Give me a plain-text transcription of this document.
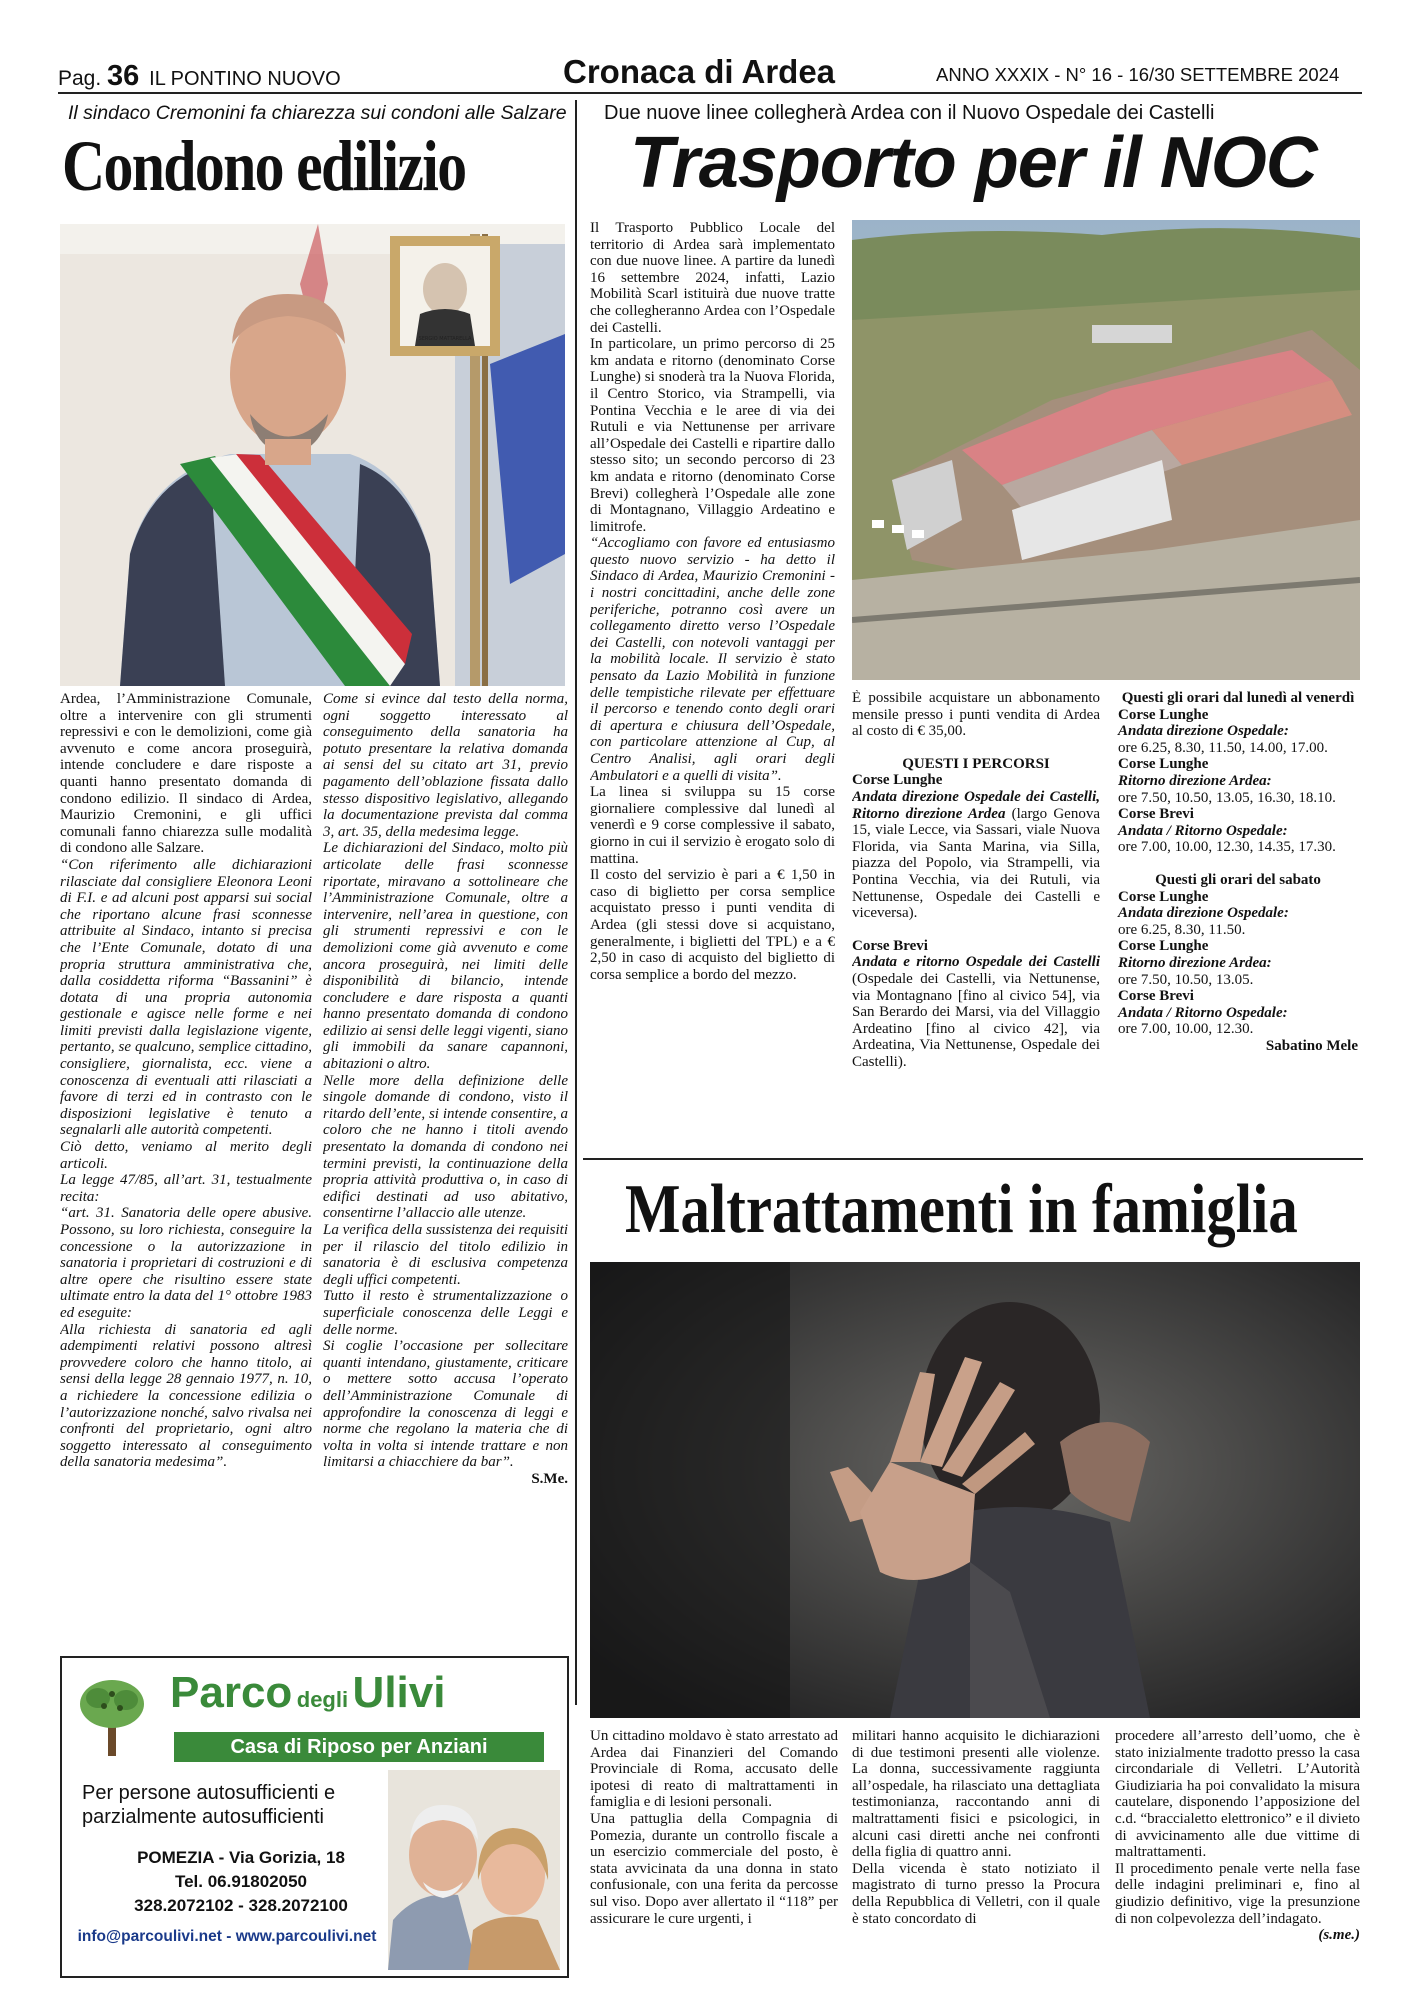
Pag. 36 IL PONTINO NUOVO	Cronaca di Ardea	ANNO XXXIX - N° 16 - 16/30 SETTEMBRE 2024
Il sindaco Cremonini fa chiarezza sui condoni alle Salzare
Condono edilizio
SERGIO MATTARELLA

Ardea, l’Amministrazione Comunale, oltre a intervenire con gli strumenti repressivi e con le demolizioni, come già avvenuto e come ancora proseguirà, intende concludere e dare risposte a quanti hanno presentato domanda di condono edilizio. Il sindaco di Ardea, Maurizio Cremonini, e gli uffici comunali fanno chiarezza sulle modalità di condono alle Salzare.

“Con riferimento alle dichiarazioni rilasciate dal consigliere Eleonora Leoni di F.I. e ad alcuni post apparsi sui social che riportano alcune frasi sconnesse attribuite al Sindaco, intanto si precisa che l’Ente Comunale, dotato di una propria struttura amministrativa che, dalla cosiddetta riforma “Bassanini” è dotata di una propria autonomia gestionale e agisce nelle forme e nei limiti previsti dalla legislazione vigente, pertanto, se qualcuno, semplice cittadino, consigliere, giornalista, ecc. viene a conoscenza di eventuali atti rilasciati a favore di terzi ed in contrasto con le disposizioni legislative è tenuto a segnalarli alle autorità competenti.

Ciò detto, veniamo al merito degli articoli.

La legge 47/85, all’art. 31, testualmente recita:

“art. 31. Sanatoria delle opere abusive. Possono, su loro richiesta, conseguire la concessione o la autorizzazione in sanatoria i proprietari di costruzioni e di altre opere che risultino essere state ultimate entro la data del 1° ottobre 1983 ed eseguite:

Alla richiesta di sanatoria ed agli adempimenti relativi possono altresì provvedere coloro che hanno titolo, ai sensi della legge 28 gennaio 1977, n. 10, a richiedere la concessione edilizia o l’autorizzazione nonché, salvo rivalsa nei confronti del proprietario, ogni altro soggetto interessato al conseguimento della sanatoria medesima”.

Come si evince dal testo della norma, ogni soggetto interessato al conseguimento della sanatoria ha potuto presentare la relativa domanda ai sensi del su citato art 31, previo pagamento dell’oblazione fissata dallo stesso dispositivo legislativo, allegando la documentazione prevista dal comma 3, art. 35, della medesima legge.

Le dichiarazioni del Sindaco, molto più articolate delle frasi sconnesse riportate, miravano a sottolineare che l’Amministrazione Comunale, oltre a intervenire, nell’area in questione, con gli strumenti repressivi e con le demolizioni come già avvenuto e come ancora proseguirà, nei limiti delle disponibilità di bilancio, intende concludere e dare risposta a quanti hanno presentato domanda di condono edilizio ai sensi delle leggi vigenti, siano gli immobili da sanare capannoni, abitazioni o altro.

Nelle more della definizione delle singole domande di condono, visto il ritardo dell’ente, si intende consentire, a coloro che ne hanno i titoli avendo presentato la domanda di condono nei termini previsti, la continuazione della propria attività produttiva o, in caso di edifici destinati ad uso abitativo, consentirne l’allaccio alle utenze.

La verifica della sussistenza dei requisiti per il rilascio del titolo edilizio in sanatoria è di esclusiva competenza degli uffici competenti.

Tutto il resto è strumentalizzazione o superficiale conoscenza delle Leggi e delle norme.

Si coglie l’occasione per sollecitare quanti intendano, giustamente, criticare o mettere sotto accusa l’operato dell’Amministrazione Comunale di approfondire la conoscenza di leggi e norme che regolano la materia che di volta in volta si intende trattare e non limitarsi a chiacchiere da bar”.

S.Me.

Parco degli Ulivi
Casa di Riposo per Anziani
Per persone autosufficienti e
parzialmente autosufficienti
POMEZIA - Via Gorizia, 18
Tel. 06.91802050
328.2072102 - 328.2072100
info@parcoulivi.net - www.parcoulivi.net
Due nuove linee collegherà Ardea con il Nuovo Ospedale dei Castelli
Trasporto per il NOC

Il Trasporto Pubblico Locale del territorio di Ardea sarà implementato con due nuove linee. A partire da lunedì 16 settembre 2024, infatti, Lazio Mobilità Scarl istituirà due nuove tratte che collegheranno Ardea con l’Ospedale dei Castelli.

In particolare, un primo percorso di 25 km andata e ritorno (denominato Corse Lunghe) si snoderà tra la Nuova Florida, il Centro Storico, via Strampelli, via Pontina Vecchia e le aree di via dei Rutuli e via Nettunense per arrivare all’Ospedale dei Castelli e ripartire dallo stesso sito; un secondo percorso di 23 km andata e ritorno (denominato Corse Brevi) collegherà l’Ospedale alle zone di Montagnano, Villaggio Ardeatino e limitrofe.

“Accogliamo con favore ed entusiasmo questo nuovo servizio - ha detto il Sindaco di Ardea, Maurizio Cremonini - i nostri concittadini, anche delle zone periferiche, potranno così avere un collegamento diretto verso l’Ospedale dei Castelli, con notevoli vantaggi per la mobilità locale. Il servizio è stato pensato da Lazio Mobilità in funzione delle tempistiche rilevate per effettuare il percorso e tenendo conto degli orari di apertura e chiusura dell’Ospedale, con particolare attenzione al Cup, al Centro Analisi, agli orari degli Ambulatori e a quelli di visita”.

La linea si sviluppa su 15 corse giornaliere complessive dal lunedì al venerdì e 9 corse complessive il sabato, giorno in cui il servizio è erogato solo di mattina.

Il costo del servizio è pari a € 1,50 in caso di biglietto per corsa semplice acquistato presso i punti vendita di Ardea (gli stessi dove si acquistano, generalmente, i biglietti del TPL) e a € 2,50 in caso di acquisto del biglietto di corsa semplice a bordo del mezzo.

È possibile acquistare un abbonamento mensile presso i punti vendita di Ardea al costo di € 35,00.

QUESTI I PERCORSI

Corse Lunghe

Andata direzione Ospedale dei Castelli, Ritorno direzione Ardea (largo Genova 15, viale Lecce, via Sassari, viale Nuova Florida, via Santa Marina, via Silla, piazza del Popolo, via Strampelli, via Pontina Vecchia, via dei Rutuli, via Nettunense, Ospedale dei Castelli e viceversa).

Corse Brevi

Andata e ritorno Ospedale dei Castelli (Ospedale dei Castelli, via Nettunense, via Montagnano [fino al civico 54], via San Berardo dei Marsi, via del Villaggio Ardeatino [fino al civico 42], via Ardeatina, Via Nettunense, Ospedale dei Castelli).

Questi gli orari dal lunedì al venerdì

Corse Lunghe

Andata direzione Ospedale:

ore 6.25, 8.30, 11.50, 14.00, 17.00.

Corse Lunghe

Ritorno direzione Ardea:

ore 7.50, 10.50, 13.05, 16.30, 18.10.

Corse Brevi

Andata / Ritorno Ospedale:

ore 7.00, 10.00, 12.30, 14.35, 17.30.

Questi gli orari del sabato

Corse Lunghe

Andata direzione Ospedale:

ore 6.25, 8.30, 11.50.

Corse Lunghe

Ritorno direzione Ardea:

ore 7.50, 10.50, 13.05.

Corse Brevi

Andata / Ritorno Ospedale:

ore 7.00, 10.00, 12.30.

Sabatino Mele

Maltrattamenti in famiglia

Un cittadino moldavo è stato arrestato ad Ardea dai Finanzieri del Comando Provinciale di Roma, accusato delle ipotesi di reato di maltrattamenti in famiglia e di lesioni personali.

Una pattuglia della Compagnia di Pomezia, durante un controllo fiscale a un esercizio commerciale del posto, è stata avvicinata da una donna in stato confusionale, con una ferita da percosse sul viso. Dopo aver allertato il “118” per assicurare le cure urgenti, i

militari hanno acquisito le dichiarazioni di due testimoni presenti alle violenze. La donna, successivamente raggiunta all’ospedale, ha rilasciato una dettagliata testimonianza, raccontando anni di maltrattamenti fisici e psicologici, in alcuni casi diretti anche nei confronti della figlia di quattro anni.

Della vicenda è stato notiziato il magistrato di turno presso la Procura della Repubblica di Velletri, con il quale è stato concordato di

procedere all’arresto dell’uomo, che è stato inizialmente tradotto presso la casa circondariale di Velletri. L’Autorità Giudiziaria ha poi convalidato la misura cautelare, disponendo l’apposizione del c.d. “braccialetto elettronico” e il divieto di avvicinamento alle due vittime di maltrattamenti.

Il procedimento penale verte nella fase delle indagini preliminari e, fino al giudizio definitivo, vige la presunzione di non colpevolezza dell’indagato.

(s.me.)
